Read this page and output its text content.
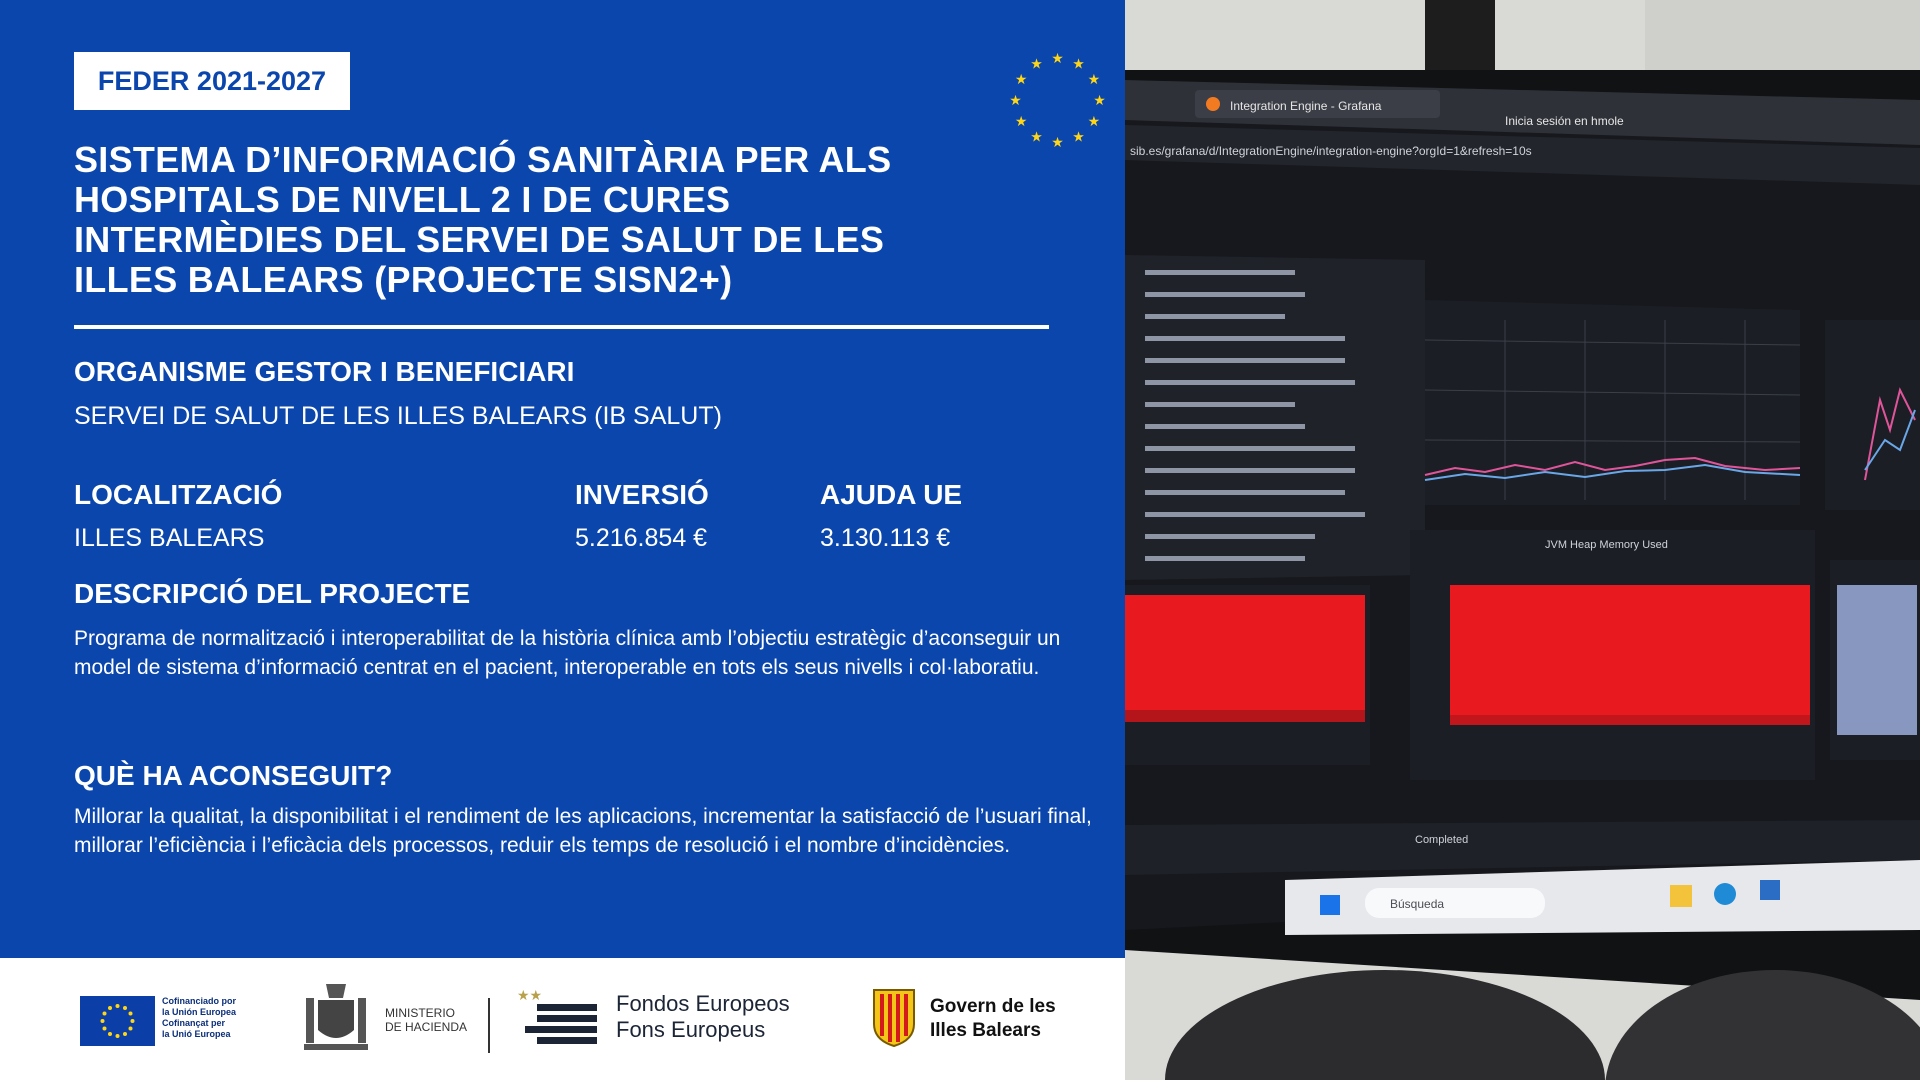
FEDER 2021-2027
★ ★
★
★
★
★
★
★
★
★
★
★
SISTEMA D’INFORMACIÓ SANITÀRIA PER ALS HOSPITALS DE NIVELL 2 I DE CURES INTERMÈDIES DEL SERVEI DE SALUT DE LES ILLES BALEARS (PROJECTE SISN2+)
ORGANISME GESTOR I BENEFICIARI

SERVEI DE SALUT DE LES ILLES BALEARS (IB SALUT)

LOCALITZACIÓ

ILLES BALEARS

INVERSIÓ

5.216.854 €

AJUDA UE

3.130.113 €

DESCRIPCIÓ DEL PROJECTE

Programa de normalització i interoperabilitat de la història clínica amb l’objectiu estratègic d’aconseguir un model de sistema d’informació centrat en el pacient, interoperable en tots els seus nivells i col·laboratiu.

QUÈ HA ACONSEGUIT?

Millorar la qualitat, la disponibilitat i el rendiment de les aplicacions, incrementar la satisfacció de l’usuari final, millorar l’eficiència i l’eficàcia dels processos, reduir els temps de resolució i el nombre d’incidències.

Integration Engine - Grafana
Inicia sesión en hmole
sib.es/grafana/d/IntegrationEngine/integration-engine?orgId=1&refresh=10s
JVM Heap Memory Used
Completed
Búsqueda
Cofinanciado por
la Unión Europea
Cofinançat per
la Unió Europea
MINISTERIO
DE HACIENDA
★★	Fondos Europeos
Fons Europeus
Govern de les
Illes Balears
